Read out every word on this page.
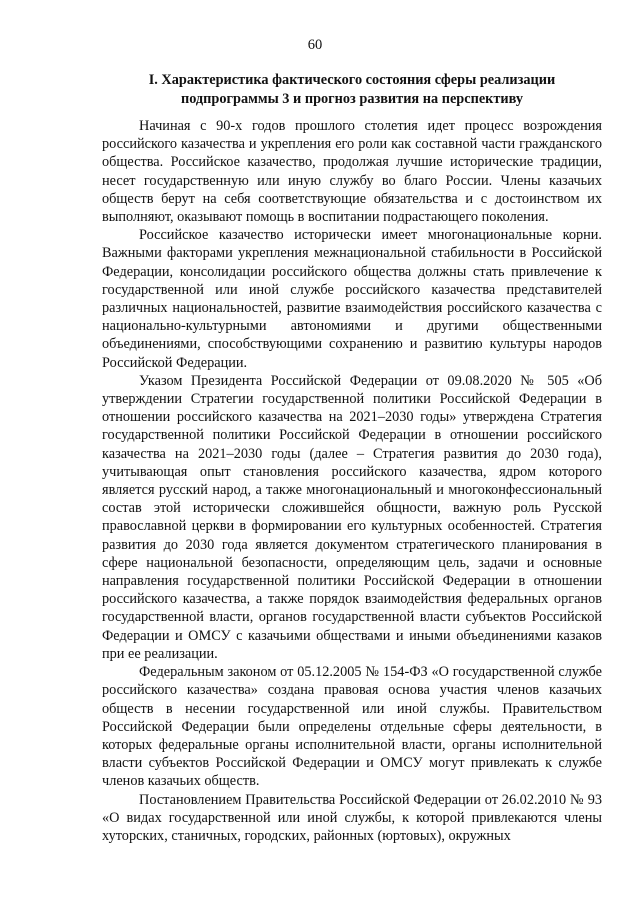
60
I. Характеристика фактического состояния сферы реализации
подпрограммы 3 и прогноз развития на перспективу

Начиная с 90-х годов прошлого столетия идет процесс возрождения российского казачества и укрепления его роли как составной части гражданского общества. Российское казачество, продолжая лучшие исторические традиции, несет государственную или иную службу во благо России. Члены казачьих обществ берут на себя соответствующие обязательства и с достоинством их выполняют, оказывают помощь в воспитании подрастающего поколения.

Российское казачество исторически имеет многонациональные корни. Важными факторами укрепления межнациональной стабильности в Российской Федерации, консолидации российского общества должны стать привлечение к государственной или иной службе российского казачества представителей различных национальностей, развитие взаимодействия российского казачества с национально-культурными автономиями и другими общественными объединениями, способствующими сохранению и развитию культуры народов Российской Федерации.

Указом Президента Российской Федерации от 09.08.2020 № 505 «Об утверждении Стратегии государственной политики Российской Федерации в отношении российского казачества на 2021–2030 годы» утверждена Стратегия государственной политики Российской Федерации в отношении российского казачества на 2021–2030 годы (далее – Стратегия развития до 2030 года), учитывающая опыт становления российского казачества, ядром которого является русский народ, а также многонациональный и многоконфессиональный состав этой исторически сложившейся общности, важную роль Русской православной церкви в формировании его культурных особенностей. Стратегия развития до 2030 года является документом стратегического планирования в сфере национальной безопасности, определяющим цель, задачи и основные направления государственной политики Российской Федерации в отношении российского казачества, а также порядок взаимодействия федеральных органов государственной власти, органов государственной власти субъектов Российской Федерации и ОМСУ с казачьими обществами и иными объединениями казаков при ее реализации.

Федеральным законом от 05.12.2005 № 154-ФЗ «О государственной службе российского казачества» создана правовая основа участия членов казачьих обществ в несении государственной или иной службы. Правительством Российской Федерации были определены отдельные сферы деятельности, в которых федеральные органы исполнительной власти, органы исполнительной власти субъектов Российской Федерации и ОМСУ могут привлекать к службе членов казачьих обществ.

Постановлением Правительства Российской Федерации от 26.02.2010 № 93 «О видах государственной или иной службы, к которой привлекаются члены хуторских, станичных, городских, районных (юртовых), окружных
